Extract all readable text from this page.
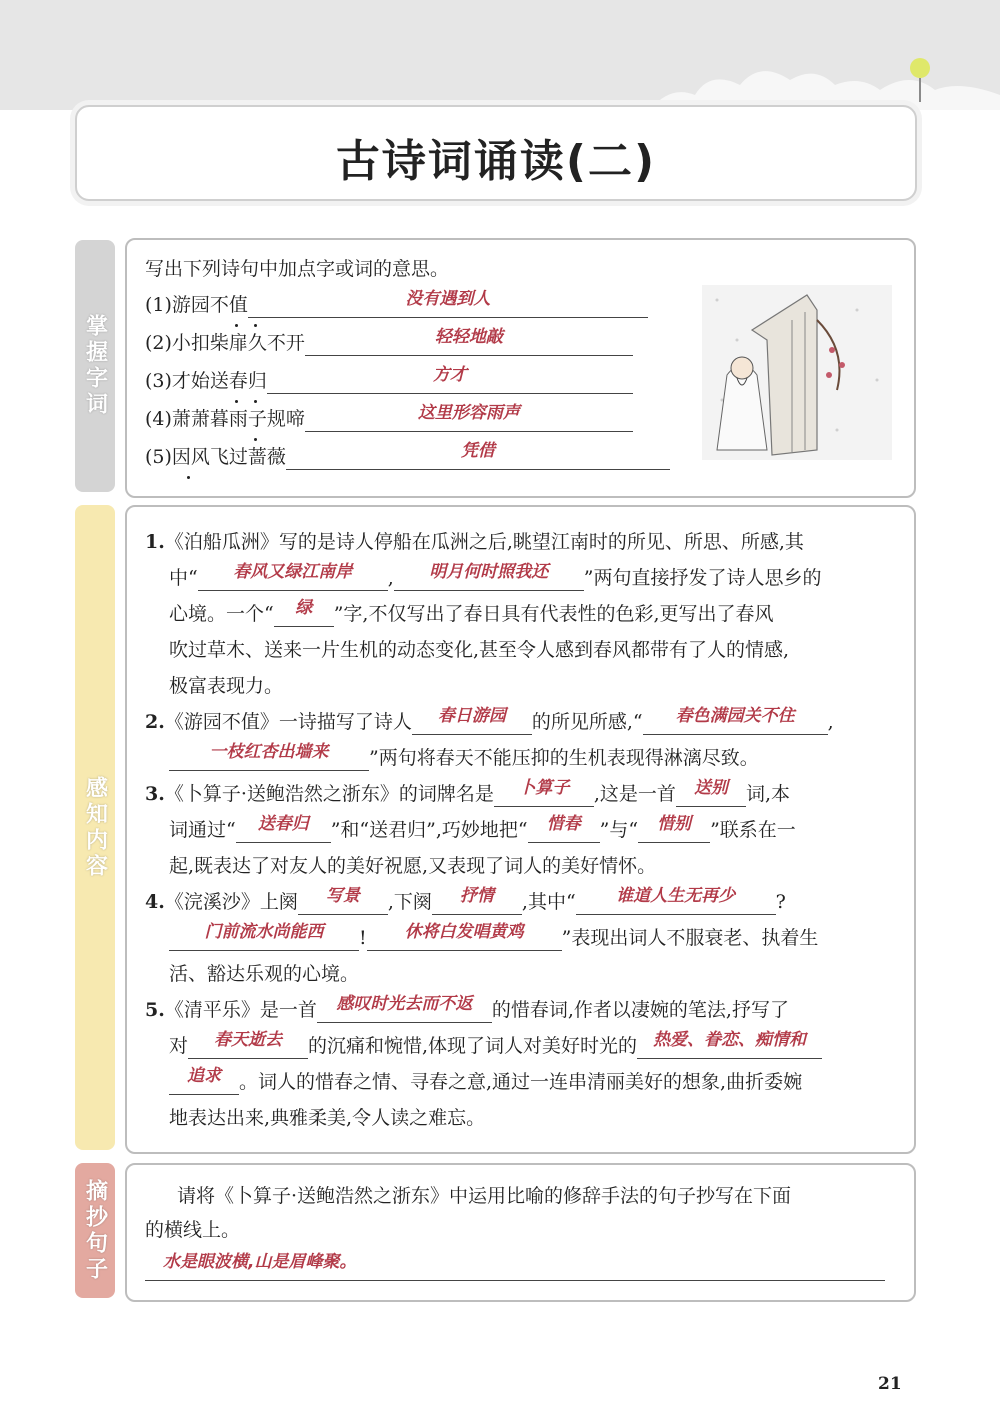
古诗词诵读(二)
掌握字词
写出下列诗句中加点字或词的意思。
(1)游园不值	没有遇到人
(2)小扣柴扉久不开	轻轻地敲
(3)才始送春归	方才
(4)萧萧暮雨子规啼	这里形容雨声
(5)因风飞过蔷薇	凭借
感知内容
1.《泊船瓜洲》写的是诗人停船在瓜洲之后,眺望江南时的所见、所思、所感,其
中“ 春风又绿江南岸 , 明月何时照我还 ”两句直接抒发了诗人思乡的
心境。一个“ 绿 ”字,不仅写出了春日具有代表性的色彩,更写出了春风
吹过草木、送来一片生机的动态变化,甚至令人感到春风都带有了人的情感,
极富表现力。
2.《游园不值》一诗描写了诗人 春日游园 的所见所感,“ 春色满园关不住 ,
一枝红杏出墙来 ”两句将春天不能压抑的生机表现得淋漓尽致。
3.《卜算子·送鲍浩然之浙东》的词牌名是 卜算子 ,这是一首 送别 词,本
词通过“ 送春归 ”和“送君归”,巧妙地把“ 惜春 ”与“ 惜别 ”联系在一
起,既表达了对友人的美好祝愿,又表现了词人的美好情怀。
4.《浣溪沙》上阕 写景 ,下阕 抒情 ,其中“ 谁道人生无再少 ?
门前流水尚能西 ! 休将白发唱黄鸡 ”表现出词人不服衰老、执着生
活、豁达乐观的心境。
5.《清平乐》是一首 感叹时光去而不返 的惜春词,作者以凄婉的笔法,抒写了
对 春天逝去 的沉痛和惋惜,体现了词人对美好时光的 热爱、眷恋、痴情和
追求 。词人的惜春之情、寻春之意,通过一连串清丽美好的想象,曲折委婉
地表达出来,典雅柔美,令人读之难忘。
摘抄句子	请将《卜算子·送鲍浩然之浙东》中运用比喻的修辞手法的句子抄写在下面
的横线上。
水是眼波横,山是眉峰聚。
21
